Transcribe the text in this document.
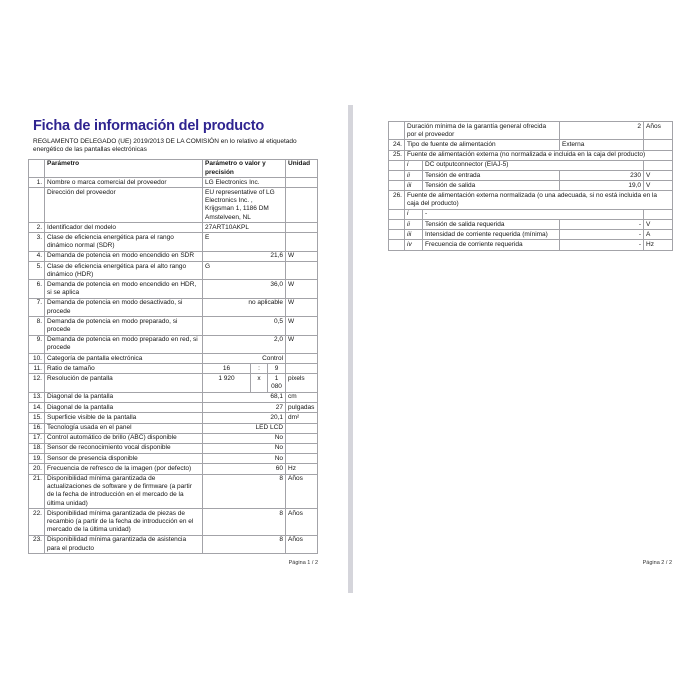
Ficha de información del producto

REGLAMENTO DELEGADO (UE) 2019/2013 DE LA COMISIÓN en lo relativo al etiquetado energético de las pantallas electrónicas

	Parámetro	Parámetro o valor y precisión			Unidad
1.	Nombre o marca comercial del proveedor	LG Electronics Inc.			
	Dirección del proveedor	EU representative of LG Electronics Inc. , Krijgsman 1, 1186 DM Amstelveen, NL			
2.	Identificador del modelo	27ART10AKPL			
3.	Clase de eficiencia energética para el rango dinámico normal (SDR)	E			
4.	Demanda de potencia en modo encendido en SDR	21,6			W
5.	Clase de eficiencia energética para el alto rango dinámico (HDR)	G			
6.	Demanda de potencia en modo encendido en HDR, si se aplica	36,0			W
7.	Demanda de potencia en modo desactivado, si procede	no aplicable			W
8.	Demanda de potencia en modo preparado, si procede	0,5			W
9.	Demanda de potencia en modo preparado en red, si procede	2,0			W
10.	Categoría de pantalla electrónica	Control			
11.	Ratio de tamaño	16	:	9	
12.	Resolución de pantalla	1 920	x	1 080	pixels
13.	Diagonal de la pantalla	68,1			cm
14.	Diagonal de la pantalla	27			pulgadas
15.	Superficie visible de la pantalla	20,1			dm²
16.	Tecnología usada en el panel	LED LCD			
17.	Control automático de brillo (ABC) disponible	No			
18.	Sensor de reconocimiento vocal disponible	No			
19.	Sensor de presencia disponible	No			
20.	Frecuencia de refresco de la imagen (por defecto)	60			Hz
21.	Disponibilidad mínima garantizada de actualizaciones de software y de firmware (a partir de la fecha de introducción en el mercado de la última unidad)	8			Años
22.	Disponibilidad mínima garantizada de piezas de recambio (a partir de la fecha de introducción en el mercado de la última unidad)	8			Años
23.	Disponibilidad mínima garantizada de asistencia para el producto	8			Años
	Duración mínima de la garantía general ofrecida por el proveedor		2	Años
24.	Tipo de fuente de alimentación		Externa	
25.	Fuente de alimentación externa (no normalizada e incluida en la caja del producto)			
	i	DC outputconnector (EIAJ-5)		
	ii	Tensión de entrada	230	V
	iii	Tensión de salida	19,0	V
26.	Fuente de alimentación externa normalizada (o una adecuada, si no está incluida en la caja del producto)			
	i	-		
	ii	Tensión de salida requerida	-	V
	iii	Intensidad de corriente requerida (mínima)	-	A
	iv	Frecuencia de corriente requerida	-	Hz
Página 1 / 2	Página 2 / 2
